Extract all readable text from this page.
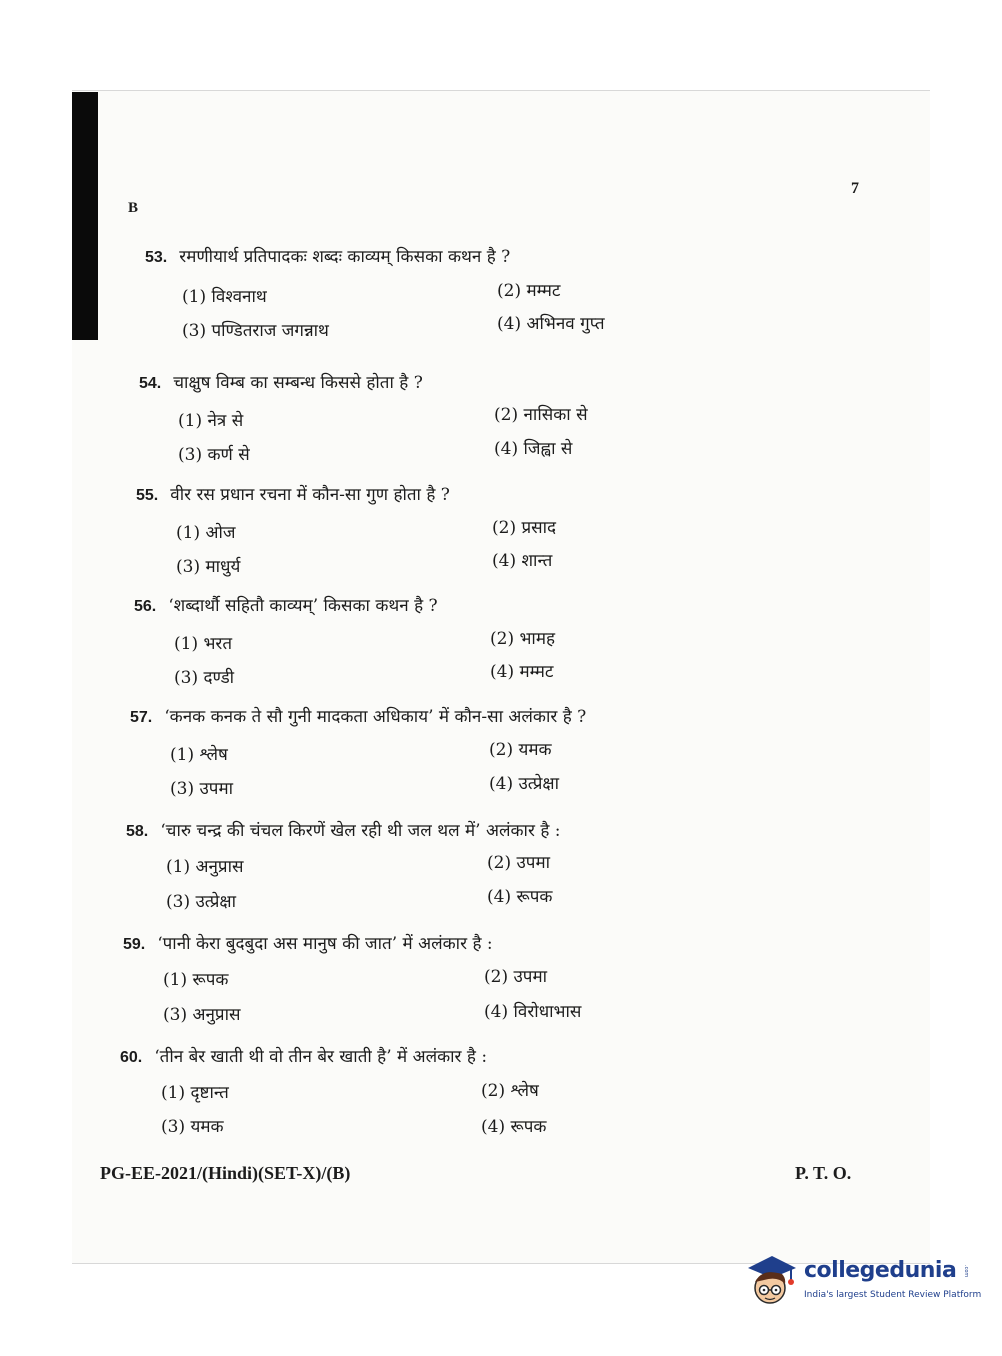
B
7
53. रमणीयार्थ प्रतिपादकः शब्दः काव्यम् किसका कथन है ?
(1) विश्वनाथ	(2) मम्मट
(3) पण्डितराज जगन्नाथ	(4) अभिनव गुप्त
54. चाक्षुष विम्ब का सम्बन्ध किससे होता है ?
(1) नेत्र से	(2) नासिका से
(3) कर्ण से	(4) जिह्वा से
55. वीर रस प्रधान रचना में कौन-सा गुण होता है ?
(1) ओज	(2) प्रसाद
(3) माधुर्य	(4) शान्त
56. ‘शब्दार्थौ सहितौ काव्यम्’ किसका कथन है ?
(1) भरत	(2) भामह
(3) दण्डी	(4) मम्मट
57. ‘कनक कनक ते सौ गुनी मादकता अधिकाय’ में कौन-सा अलंकार है ?
(1) श्लेष	(2) यमक
(3) उपमा	(4) उत्प्रेक्षा
58. ‘चारु चन्द्र की चंचल किरणें खेल रही थी जल थल में’ अलंकार है :
(1) अनुप्रास	(2) उपमा
(3) उत्प्रेक्षा	(4) रूपक
59. ‘पानी केरा बुदबुदा अस मानुष की जात’ में अलंकार है :
(1) रूपक	(2) उपमा
(3) अनुप्रास	(4) विरोधाभास
60. ‘तीन बेर खाती थी वो तीन बेर खाती है’ में अलंकार है :
(1) दृष्टान्त	(2) श्लेष
(3) यमक	(4) रूपक
PG-EE-2021/(Hindi)(SET-X)/(B)	P. T. O.
collegedunia .com
India's largest Student Review Platform
